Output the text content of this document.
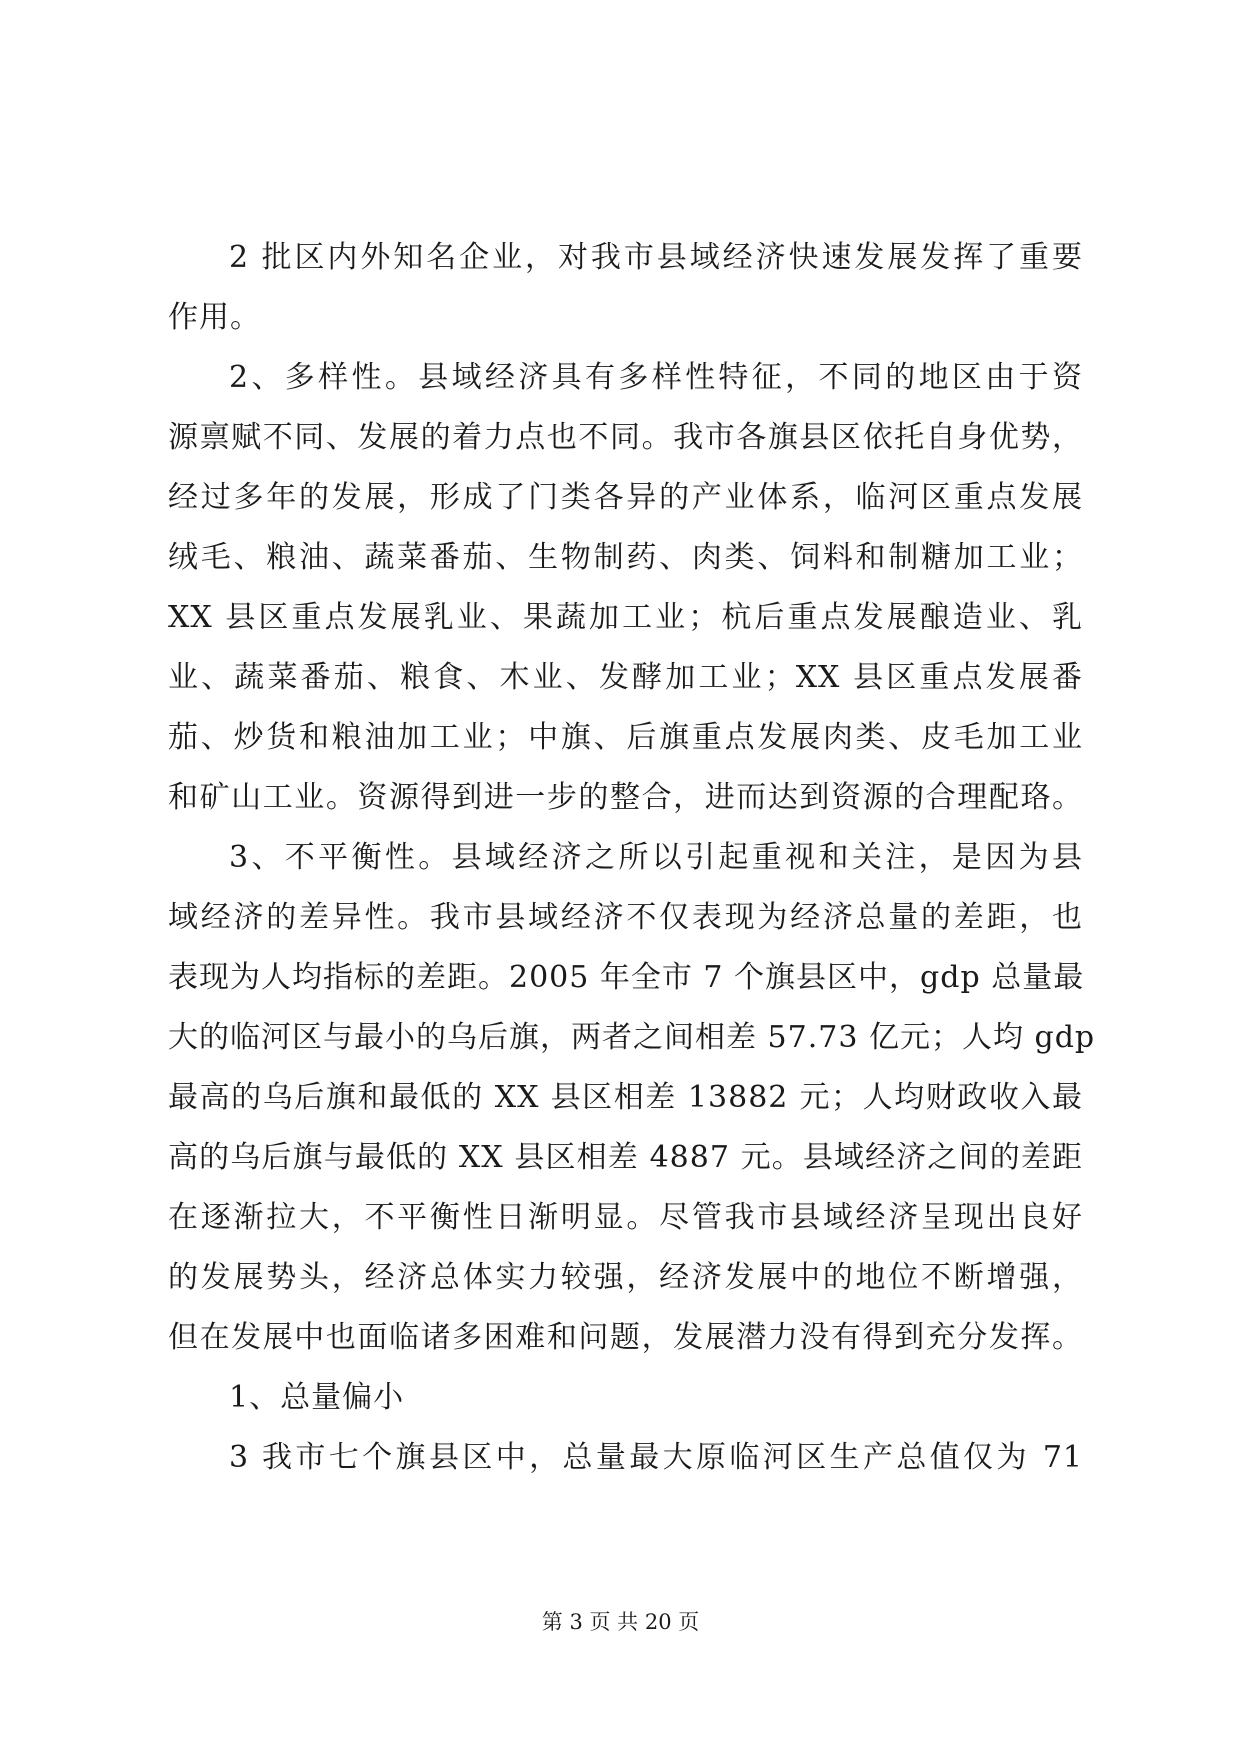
2 批区内外知名企业，对我市县域经济快速发展发挥了重要
作用。
2、多样性。县域经济具有多样性特征，不同的地区由于资
源禀赋不同、发展的着力点也不同。我市各旗县区依托自身优势，
经过多年的发展，形成了门类各异的产业体系，临河区重点发展
绒毛、粮油、蔬菜番茄、生物制药、肉类、饲料和制糖加工业；
XX 县区重点发展乳业、果蔬加工业；杭后重点发展酿造业、乳
业、蔬菜番茄、粮食、木业、发酵加工业；XX 县区重点发展番
茄、炒货和粮油加工业；中旗、后旗重点发展肉类、皮毛加工业
和矿山工业。资源得到进一步的整合，进而达到资源的合理配珞。
3、不平衡性。县域经济之所以引起重视和关注，是因为县
域经济的差异性。我市县域经济不仅表现为经济总量的差距，也
表现为人均指标的差距。2005 年全市 7 个旗县区中，gdp 总量最
大的临河区与最小的乌后旗，两者之间相差 57.73 亿元；人均 gdp
最高的乌后旗和最低的 XX 县区相差 13882 元；人均财政收入最
高的乌后旗与最低的 XX 县区相差 4887 元。县域经济之间的差距
在逐渐拉大，不平衡性日渐明显。尽管我市县域经济呈现出良好
的发展势头，经济总体实力较强，经济发展中的地位不断增强，
但在发展中也面临诸多困难和问题，发展潜力没有得到充分发挥。
1、总量偏小
3 我市七个旗县区中，总量最大原临河区生产总值仅为 71
第 3 页 共 20 页
